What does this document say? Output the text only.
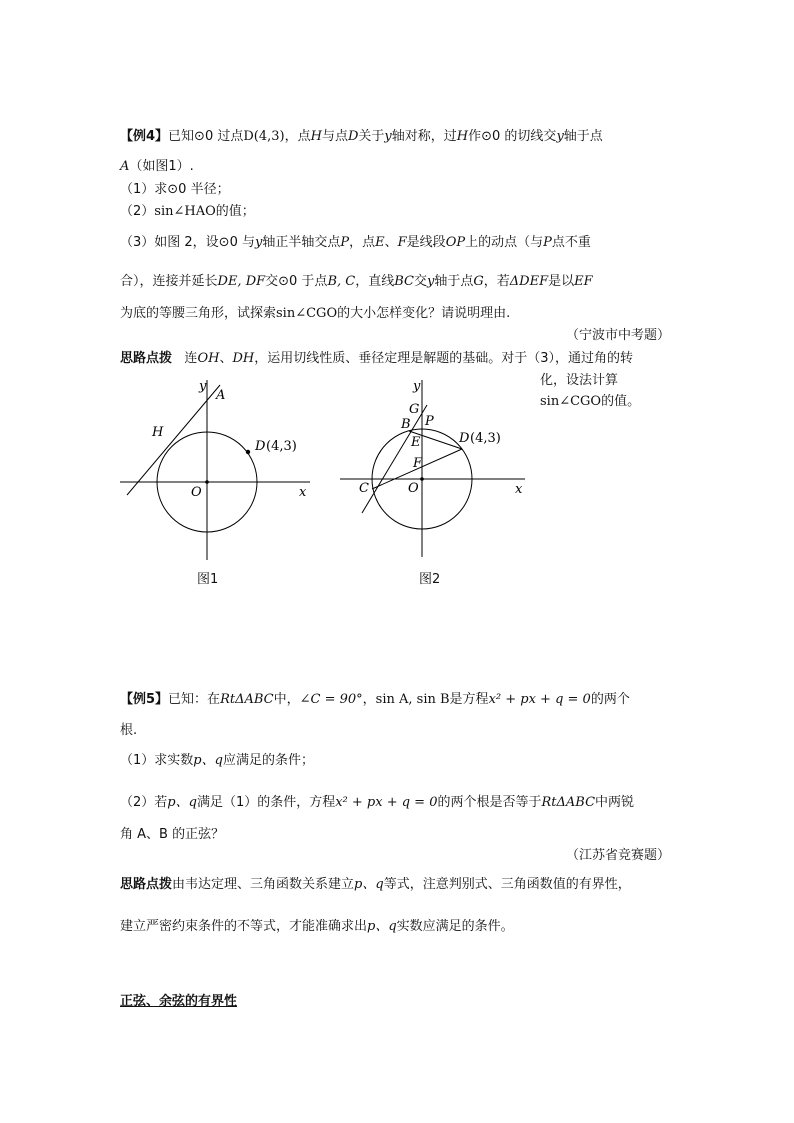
【例4】已知⊙0 过点D(4,3)，点H与点D关于y轴对称，过H作⊙0 的切线交y轴于点
A（如图1）.
（1）求⊙0 半径；
（2）sin∠HAO的值；
（3）如图 2，设⊙0 与y轴正半轴交点P，点E、F是线段OP上的动点（与P点不重
合），连接并延长DE, DF交⊙0 于点B, C，直线BC交y轴于点G，若ΔDEF是以EF
为底的等腰三角形，试探索sin∠CGO的大小怎样变化？请说明理由.
（宁波市中考题）
思路点拨 连OH、DH，运用切线性质、垂径定理是解题的基础。对于（3），通过角的转
化，设法计算
sin∠CGO的值。
y
A
H
D (4,3)
O	x
图1
y
G
P
B
E	D (4,3)
F
C	O	x
图2
【例5】已知：在RtΔABC中，∠C = 90°，sin A, sin B是方程x² + px + q = 0的两个
根.
（1）求实数p、q应满足的条件；
（2）若p、q满足（1）的条件，方程x² + px + q = 0的两个根是否等于RtΔABC中两锐
角 A、B 的正弦？
（江苏省竞赛题）
思路点拨由韦达定理、三角函数关系建立p、q等式，注意判别式、三角函数值的有界性，
建立严密约束条件的不等式，才能准确求出p、q实数应满足的条件。
正弦、余弦的有界性
